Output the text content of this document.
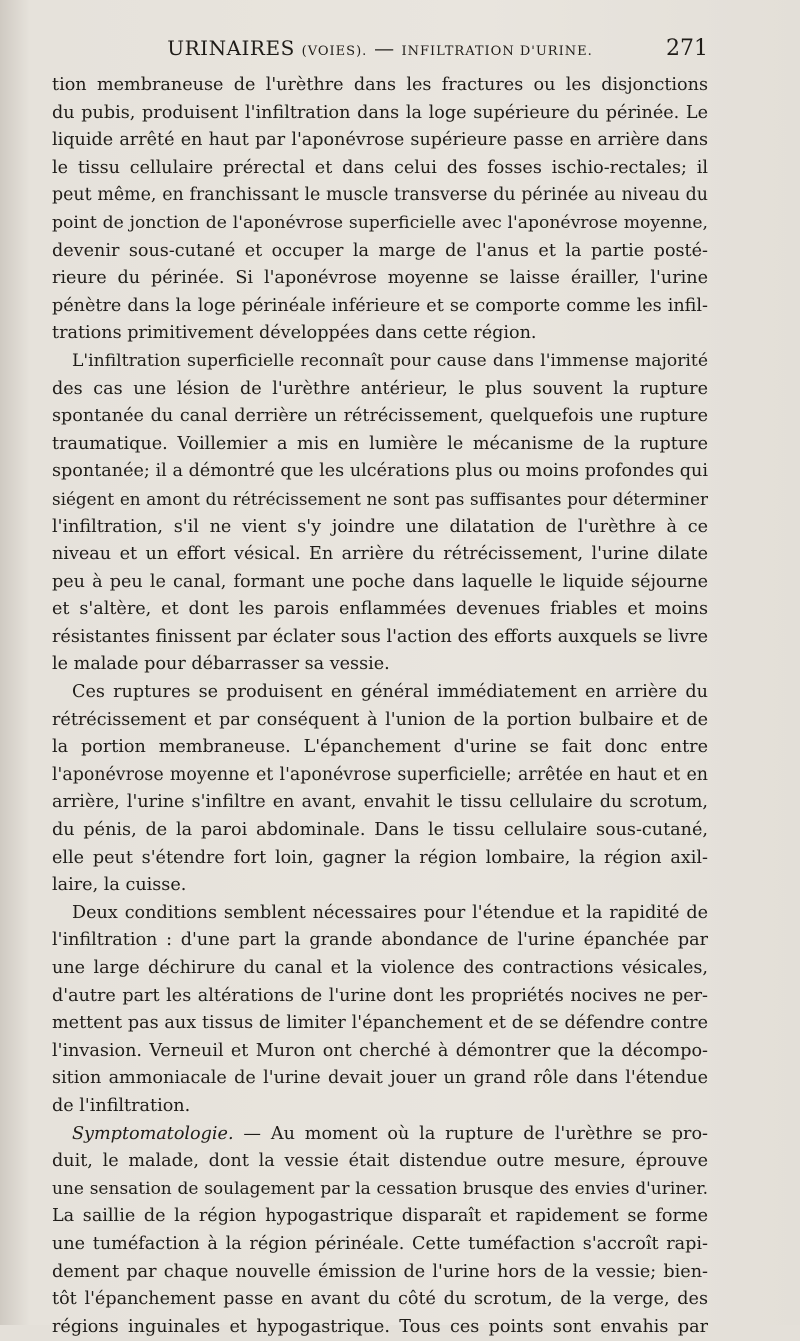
URINAIRES (VOIES). — INFILTRATION D'URINE.	271

tion membraneuse de l'urèthre dans les fractures ou les disjonctions
du pubis, produisent l'infiltration dans la loge supérieure du périnée. Le
liquide arrêté en haut par l'aponévrose supérieure passe en arrière dans
le tissu cellulaire prérectal et dans celui des fosses ischio-rectales; il
peut même, en franchissant le muscle transverse du périnée au niveau du
point de jonction de l'aponévrose superficielle avec l'aponévrose moyenne,
devenir sous-cutané et occuper la marge de l'anus et la partie posté-
rieure du périnée. Si l'aponévrose moyenne se laisse érailler, l'urine
pénètre dans la loge périnéale inférieure et se comporte comme les infil-
trations primitivement développées dans cette région.

L'infiltration superficielle reconnaît pour cause dans l'immense majorité
des cas une lésion de l'urèthre antérieur, le plus souvent la rupture
spontanée du canal derrière un rétrécissement, quelquefois une rupture
traumatique. Voillemier a mis en lumière le mécanisme de la rupture
spontanée; il a démontré que les ulcérations plus ou moins profondes qui
siégent en amont du rétrécissement ne sont pas suffisantes pour déterminer
l'infiltration, s'il ne vient s'y joindre une dilatation de l'urèthre à ce
niveau et un effort vésical. En arrière du rétrécissement, l'urine dilate
peu à peu le canal, formant une poche dans laquelle le liquide séjourne
et s'altère, et dont les parois enflammées devenues friables et moins
résistantes finissent par éclater sous l'action des efforts auxquels se livre
le malade pour débarrasser sa vessie.

Ces ruptures se produisent en général immédiatement en arrière du
rétrécissement et par conséquent à l'union de la portion bulbaire et de
la portion membraneuse. L'épanchement d'urine se fait donc entre
l'aponévrose moyenne et l'aponévrose superficielle; arrêtée en haut et en
arrière, l'urine s'infiltre en avant, envahit le tissu cellulaire du scrotum,
du pénis, de la paroi abdominale. Dans le tissu cellulaire sous-cutané,
elle peut s'étendre fort loin, gagner la région lombaire, la région axil-
laire, la cuisse.

Deux conditions semblent nécessaires pour l'étendue et la rapidité de
l'infiltration : d'une part la grande abondance de l'urine épanchée par
une large déchirure du canal et la violence des contractions vésicales,
d'autre part les altérations de l'urine dont les propriétés nocives ne per-
mettent pas aux tissus de limiter l'épanchement et de se défendre contre
l'invasion. Verneuil et Muron ont cherché à démontrer que la décompo-
sition ammoniacale de l'urine devait jouer un grand rôle dans l'étendue
de l'infiltration.

Symptomatologie. — Au moment où la rupture de l'urèthre se pro-
duit, le malade, dont la vessie était distendue outre mesure, éprouve
une sensation de soulagement par la cessation brusque des envies d'uriner.
La saillie de la région hypogastrique disparaît et rapidement se forme
une tuméfaction à la région périnéale. Cette tuméfaction s'accroît rapi-
dement par chaque nouvelle émission de l'urine hors de la vessie; bien-
tôt l'épanchement passe en avant du côté du scrotum, de la verge, des
régions inguinales et hypogastrique. Tous ces points sont envahis par
